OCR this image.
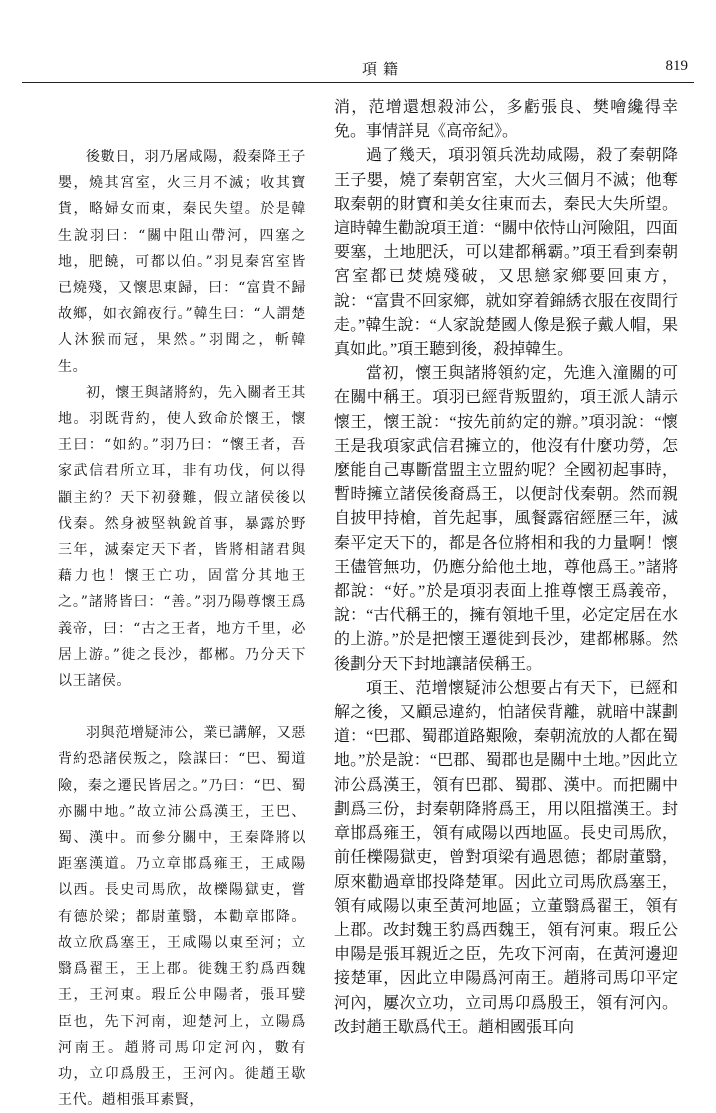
項籍	819

後數日，羽乃屠咸陽，殺秦降王子嬰，燒其宮室，火三月不滅；收其寶貨，略婦女而東，秦民失望。於是韓生說羽曰：“關中阻山帶河，四塞之地，肥饒，可都以伯。”羽見秦宮室皆已燒殘，又懷思東歸，曰：“富貴不歸故鄉，如衣錦夜行。”韓生曰：“人謂楚人沐猴而冠，果然。”羽聞之，斬韓生。

初，懷王與諸將約，先入關者王其地。羽既背約，使人致命於懷王，懷王曰：“如約。”羽乃曰：“懷王者，吾家武信君所立耳，非有功伐，何以得顓主約？天下初發難，假立諸侯後以伐秦。然身被堅執銳首事，暴露於野三年，滅秦定天下者，皆將相諸君與藉力也！懷王亡功，固當分其地王之。”諸將皆曰：“善。”羽乃陽尊懷王爲義帝，曰：“古之王者，地方千里，必居上游。”徙之長沙，都郴。乃分天下以王諸侯。

羽與范增疑沛公，業已講解，又惡背約恐諸侯叛之，陰謀曰：“巴、蜀道險，秦之遷民皆居之。”乃曰：“巴、蜀亦關中地。”故立沛公爲漢王，王巴、蜀、漢中。而參分關中，王秦降將以距塞漢道。乃立章邯爲雍王，王咸陽以西。長史司馬欣，故櫟陽獄吏，嘗有德於梁；都尉董翳，本勸章邯降。故立欣爲塞王，王咸陽以東至河；立翳爲翟王，王上郡。徙魏王豹爲西魏王，王河東。瑕丘公申陽者，張耳嬖臣也，先下河南，迎楚河上，立陽爲河南王。趙將司馬卬定河內，數有功，立卬爲殷王，王河內。徙趙王歇王代。趙相張耳素賢，

消，范增還想殺沛公，多虧張良、樊噲纔得幸免。事情詳見《高帝紀》。

過了幾天，項羽領兵洗劫咸陽，殺了秦朝降王子嬰，燒了秦朝宮室，大火三個月不滅；他奪取秦朝的財寶和美女往東而去，秦民大失所望。這時韓生勸說項王道：“關中依恃山河險阻，四面要塞，土地肥沃，可以建都稱霸。”項王看到秦朝宮室都已焚燒殘破，又思戀家鄉要回東方，說：“富貴不回家鄉，就如穿着錦綉衣服在夜間行走。”韓生說：“人家說楚國人像是猴子戴人帽，果真如此。”項王聽到後，殺掉韓生。

當初，懷王與諸將領約定，先進入潼關的可在關中稱王。項羽已經背叛盟約，項王派人請示懷王，懷王說：“按先前約定的辦。”項羽說：“懷王是我項家武信君擁立的，他沒有什麼功勞，怎麼能自己專斷當盟主立盟約呢？全國初起事時，暫時擁立諸侯後裔爲王，以便討伐秦朝。然而親自披甲持槍，首先起事，風餐露宿經歷三年，滅秦平定天下的，都是各位將相和我的力量啊！懷王儘管無功，仍應分給他土地，尊他爲王。”諸將都說：“好。”於是項羽表面上推尊懷王爲義帝，說：“古代稱王的，擁有領地千里，必定定居在水的上游。”於是把懷王遷徙到長沙，建都郴縣。然後劃分天下封地讓諸侯稱王。

項王、范增懷疑沛公想要占有天下，已經和解之後，又顧忌違約，怕諸侯背離，就暗中謀劃道：“巴郡、蜀郡道路艱險，秦朝流放的人都在蜀地。”於是說：“巴郡、蜀郡也是關中土地。”因此立沛公爲漢王，領有巴郡、蜀郡、漢中。而把關中劃爲三份，封秦朝降將爲王，用以阻擋漢王。封章邯爲雍王，領有咸陽以西地區。長史司馬欣，前任櫟陽獄吏，曾對項梁有過恩德；都尉董翳，原來勸過章邯投降楚軍。因此立司馬欣爲塞王，領有咸陽以東至黃河地區；立董翳爲翟王，領有上郡。改封魏王豹爲西魏王，領有河東。瑕丘公申陽是張耳親近之臣，先攻下河南，在黃河邊迎接楚軍，因此立申陽爲河南王。趙將司馬卬平定河內，屢次立功，立司馬卬爲殷王，領有河內。改封趙王歇爲代王。趙相國張耳向
